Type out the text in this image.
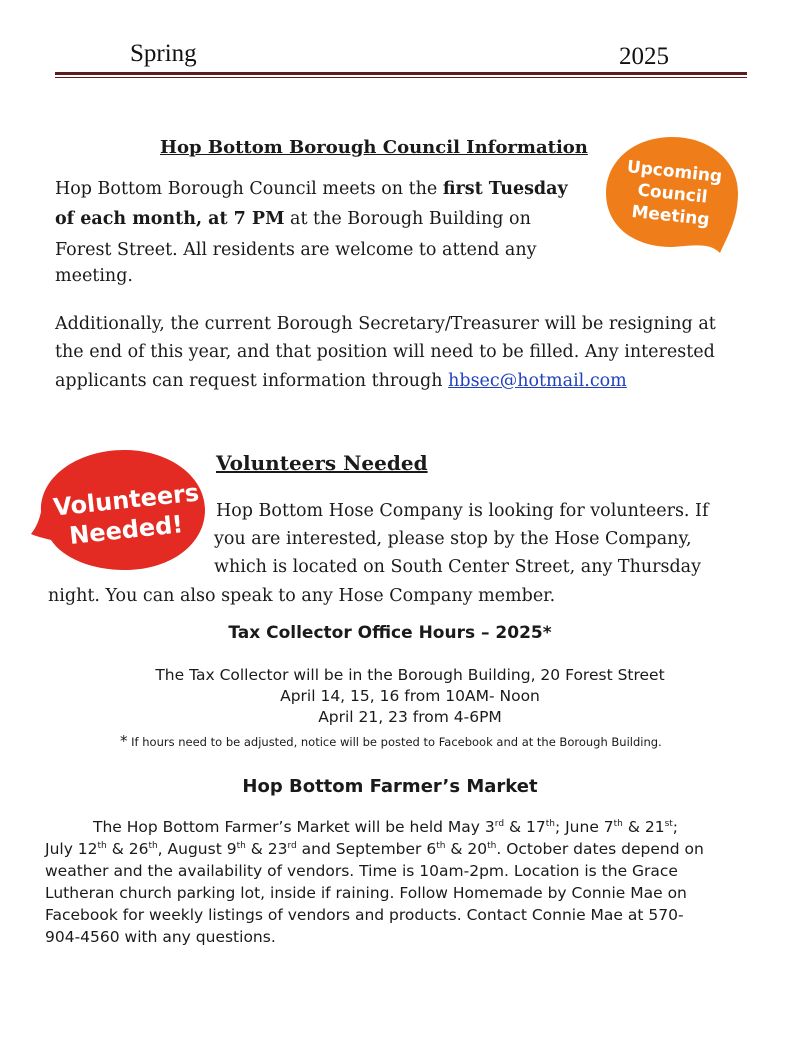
Spring	2025
Hop Bottom Borough Council Information
Upcoming
Council
Meeting
Hop Bottom Borough Council meets on the first Tuesday
of each month, at 7 PM at the Borough Building on
Forest Street. All residents are welcome to attend any
meeting.
Additionally, the current Borough Secretary/Treasurer will be resigning at
the end of this year, and that position will need to be filled. Any interested
applicants can request information through hbsec@hotmail.com
Volunteers
Needed!
Volunteers Needed
Hop Bottom Hose Company is looking for volunteers. If
you are interested, please stop by the Hose Company,
which is located on South Center Street, any Thursday
night. You can also speak to any Hose Company member.
Tax Collector Office Hours – 2025*
The Tax Collector will be in the Borough Building, 20 Forest Street
April 14, 15, 16 from 10AM- Noon
April 21, 23 from 4-6PM
* If hours need to be adjusted, notice will be posted to Facebook and at the Borough Building.
Hop Bottom Farmer’s Market
The Hop Bottom Farmer’s Market will be held May 3rd & 17th; June 7th & 21st;
July 12th & 26th, August 9th & 23rd and September 6th & 20th. October dates depend on
weather and the availability of vendors. Time is 10am-2pm. Location is the Grace
Lutheran church parking lot, inside if raining. Follow Homemade by Connie Mae on
Facebook for weekly listings of vendors and products. Contact Connie Mae at 570-
904-4560 with any questions.
